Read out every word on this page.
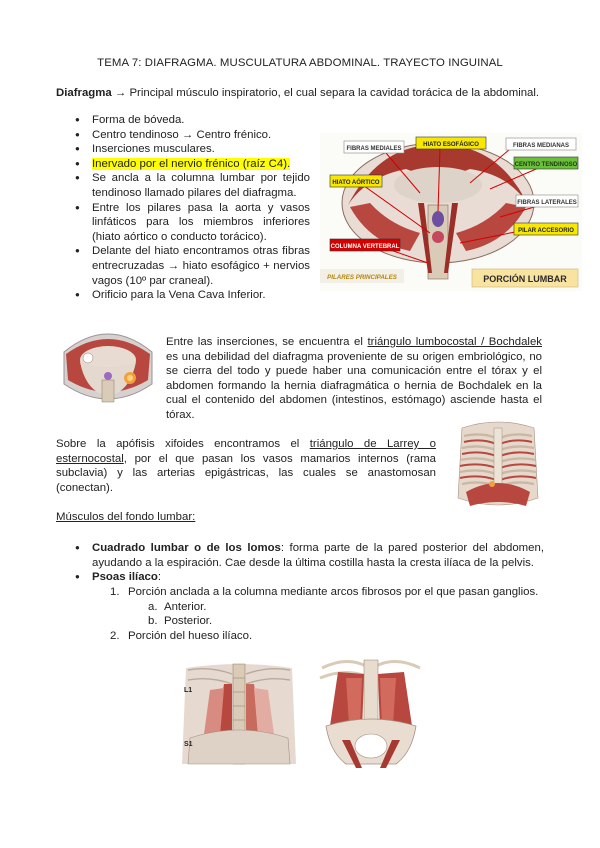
TEMA 7: DIAFRAGMA. MUSCULATURA ABDOMINAL. TRAYECTO INGUINAL
Diafragma → Principal músculo inspiratorio, el cual separa la cavidad torácica de la abdominal.
● Forma de bóveda.
● Centro tendinoso → Centro frénico.
● Inserciones musculares.
● Inervado por el nervio frénico (raíz C4).
● Se ancla a la columna lumbar por tejido tendinoso llamado pilares del diafragma.
● Entre los pilares pasa la aorta y vasos linfáticos para los miembros inferiores (hiato aórtico o conducto torácico).
● Delante del hiato encontramos otras fibras entrecruzadas → hiato esofágico + nervios vagos (10º par craneal).
● Orificio para la Vena Cava Inferior.
FIBRAS MEDIALES
HIATO ESOFÁGICO	FIBRAS MEDIANAS
CENTRO TENDINOSO
HIATO AÓRTICO
FIBRAS LATERALES
PILAR ACCESORIO
COLUMNA VERTEBRAL
PILARES PRINCIPALES	PORCIÓN LUMBAR
Entre las inserciones, se encuentra el triángulo lumbocostal / Bochdalek es una debilidad del diafragma proveniente de su origen embriológico, no se cierra del todo y puede haber una comunicación entre el tórax y el abdomen formando la hernia diafragmática o hernia de Bochdalek en la cual el contenido del abdomen (intestinos, estómago) asciende hasta el tórax.
Sobre la apófisis xifoides encontramos el triángulo de Larrey o esternocostal, por el que pasan los vasos mamarios internos (rama subclavia) y las arterias epigástricas, las cuales se anastomosan (conectan).
Músculos del fondo lumbar:
● Cuadrado lumbar o de los lomos: forma parte de la pared posterior del abdomen, ayudando a la espiración. Cae desde la última costilla hasta la cresta ilíaca de la pelvis.
● Psoas ilíaco:
1. Porción anclada a la columna mediante arcos fibrosos por el que pasan ganglios.
a. Anterior.
b. Posterior.
2. Porción del hueso ilíaco.
L1
S1
